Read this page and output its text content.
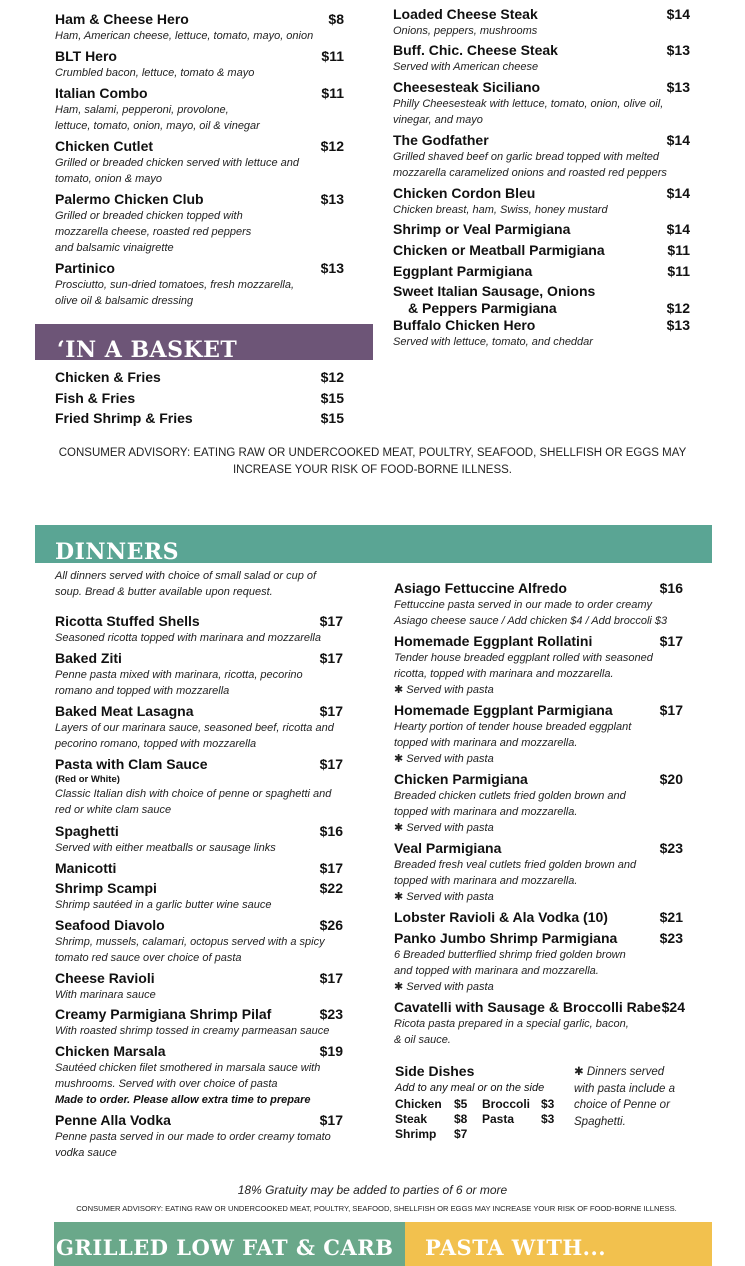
Ham & Cheese Hero	$8
Ham, American cheese, lettuce, tomato, mayo, onion
BLT Hero	$11
Crumbled bacon, lettuce, tomato & mayo
Italian Combo	$11
Ham, salami, pepperoni, provolone,
lettuce, tomato, onion, mayo, oil & vinegar
Chicken Cutlet	$12
Grilled or breaded chicken served with lettuce and
tomato, onion & mayo
Palermo Chicken Club	$13
Grilled or breaded chicken topped with
mozzarella cheese, roasted red peppers
and balsamic vinaigrette
Partinico	$13
Prosciutto, sun-dried tomatoes, fresh mozzarella,
olive oil & balsamic dressing
Loaded Cheese Steak	$14
Onions, peppers, mushrooms
Buff. Chic. Cheese Steak	$13
Served with American cheese
Cheesesteak Siciliano	$13
Philly Cheesesteak with lettuce, tomato, onion, olive oil,
vinegar, and mayo
The Godfather	$14
Grilled shaved beef on garlic bread topped with melted
mozzarella caramelized onions and roasted red peppers
Chicken Cordon Bleu	$14
Chicken breast, ham, Swiss, honey mustard
Shrimp or Veal Parmigiana	$14
Chicken or Meatball Parmigiana	$11
Eggplant Parmigiana	$11
Sweet Italian Sausage, Onions
& Peppers Parmigiana	$12
Buffalo Chicken Hero	$13
Served with lettuce, tomato, and cheddar
‘IN A BASKET
Chicken & Fries	$12
Fish & Fries	$15
Fried Shrimp & Fries	$15
CONSUMER ADVISORY: EATING RAW OR UNDERCOOKED MEAT, POULTRY, SEAFOOD, SHELLFISH OR EGGS MAY
INCREASE YOUR RISK OF FOOD-BORNE ILLNESS.
DINNERS
All dinners served with choice of small salad or cup of
soup. Bread & butter available upon request.
Ricotta Stuffed Shells	$17
Seasoned ricotta topped with marinara and mozzarella
Baked Ziti	$17
Penne pasta mixed with marinara, ricotta, pecorino
romano and topped with mozzarella
Baked Meat Lasagna	$17
Layers of our marinara sauce, seasoned beef, ricotta and
pecorino romano, topped with mozzarella
Pasta with Clam Sauce	$17
(Red or White)
Classic Italian dish with choice of penne or spaghetti and
red or white clam sauce
Spaghetti	$16
Served with either meatballs or sausage links
Manicotti	$17
Shrimp Scampi	$22
Shrimp sautéed in a garlic butter wine sauce
Seafood Diavolo	$26
Shrimp, mussels, calamari, octopus served with a spicy
tomato red sauce over choice of pasta
Cheese Ravioli	$17
With marinara sauce
Creamy Parmigiana Shrimp Pilaf	$23
With roasted shrimp tossed in creamy parmeasan sauce
Chicken Marsala	$19
Sautéed chicken filet smothered in marsala sauce with
mushrooms. Served with over choice of pasta
Made to order. Please allow extra time to prepare
Penne Alla Vodka	$17
Penne pasta served in our made to order creamy tomato
vodka sauce
Asiago Fettuccine Alfredo	$16
Fettuccine pasta served in our made to order creamy
Asiago cheese sauce / Add chicken $4 / Add broccoli $3
Homemade Eggplant Rollatini	$17
Tender house breaded eggplant rolled with seasoned
ricotta, topped with marinara and mozzarella.
✱ Served with pasta
Homemade Eggplant Parmigiana	$17
Hearty portion of tender house breaded eggplant
topped with marinara and mozzarella.
✱ Served with pasta
Chicken Parmigiana	$20
Breaded chicken cutlets fried golden brown and
topped with marinara and mozzarella.
✱ Served with pasta
Veal Parmigiana	$23
Breaded fresh veal cutlets fried golden brown and
topped with marinara and mozzarella.
✱ Served with pasta
Lobster Ravioli & Ala Vodka (10)	$21
Panko Jumbo Shrimp Parmigiana	$23
6 Breaded butterflied shrimp fried golden brown
and topped with marinara and mozzarella.
✱ Served with pasta
Cavatelli with Sausage & Broccolli Rabe $24
Ricota pasta prepared in a special garlic, bacon,
& oil sauce.
Side Dishes
Add to any meal or on the side
Chicken $5 Broccoli $3
Steak $8 Pasta $3
Shrimp $7
✱ Dinners served
with pasta include a
choice of Penne or
Spaghetti.
18% Gratuity may be added to parties of 6 or more
CONSUMER ADVISORY: EATING RAW OR UNDERCOOKED MEAT, POULTRY, SEAFOOD, SHELLFISH OR EGGS MAY INCREASE YOUR RISK OF FOOD-BORNE ILLNESS.
GRILLED LOW FAT & CARB PASTA WITH...
